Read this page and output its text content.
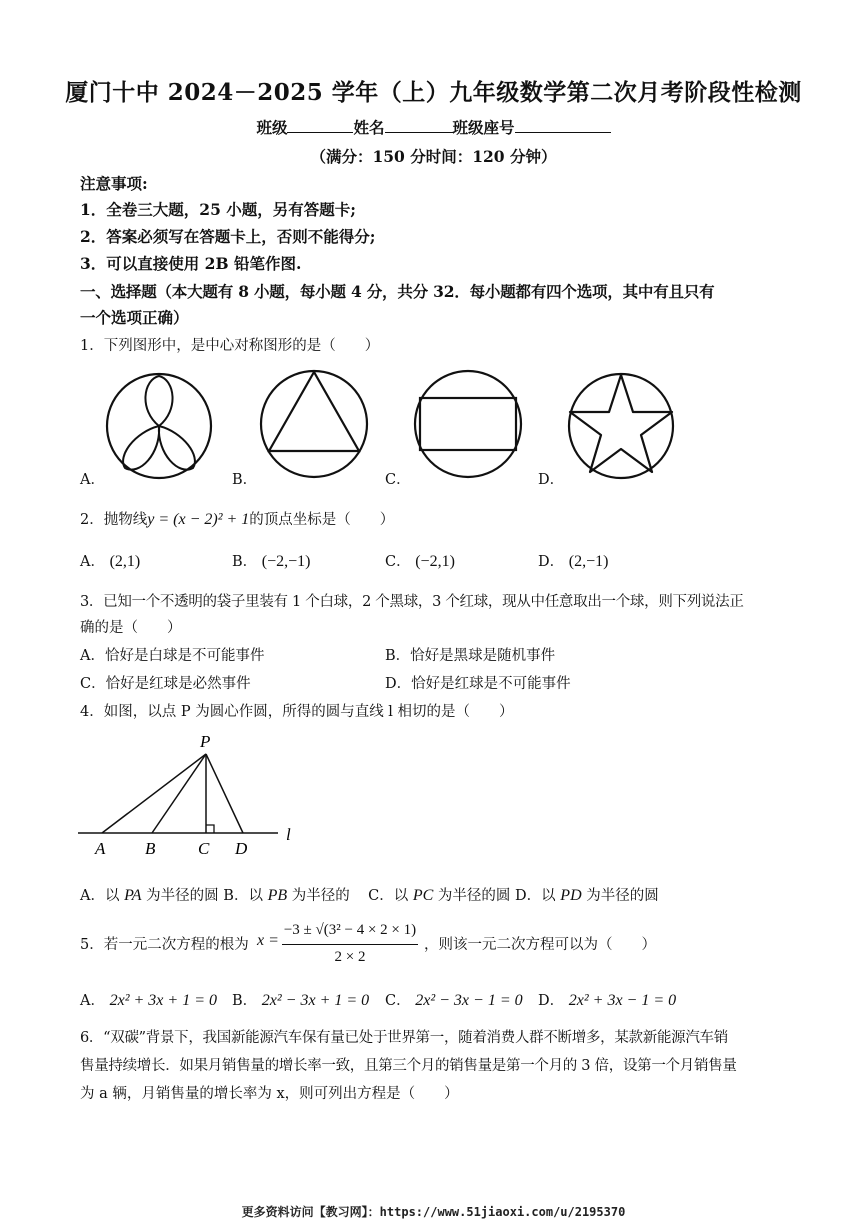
厦门十中 2024－2025 学年（上）九年级数学第二次月考阶段性检测
班级	姓名	班级座号
（满分：150 分时间：120 分钟）
注意事项:
1．全卷三大题，25 小题，另有答题卡;
2．答案必须写在答题卡上，否则不能得分;
3．可以直接使用 2B 铅笔作图.
一、选择题（本大题有 8 小题，每小题 4 分，共分 32．每小题都有四个选项，其中有且只有
一个选项正确）
1．下列图形中，是中心对称图形的是（　　）
A．	B．	C．	D．
2．抛物线y = (x − 2)² + 1的顶点坐标是（　　）
A． (2,1)	B． (−2,−1)	C． (−2,1)	D． (2,−1)
3．已知一个不透明的袋子里装有 1 个白球，2 个黑球，3 个红球，现从中任意取出一个球，则下列说法正
确的是（　　）
A．恰好是白球是不可能事件	B．恰好是黑球是随机事件
C．恰好是红球是必然事件	D．恰好是红球是不可能事件
4．如图，以点 P 为圆心作圆，所得的圆与直线 l 相切的是（　　）
P
A B	C D
l
A．以 PA 为半径的圆 B．以 PB 为半径的 C．以 PC 为半径的圆 D．以 PD 为半径的圆
5．若一元二次方程的根为 x =
−3 ± √(3² − 4 × 2 × 1)
2 × 2
，则该一元二次方程可以为（　　）
A． 2x² + 3x + 1 = 0 B． 2x² − 3x + 1 = 0 C． 2x² − 3x − 1 = 0 D． 2x² + 3x − 1 = 0
6．“双碳”背景下，我国新能源汽车保有量已处于世界第一，随着消费人群不断增多，某款新能源汽车销
售量持续增长．如果月销售量的增长率一致，且第三个月的销售量是第一个月的 3 倍，设第一个月销售量
为 a 辆，月销售量的增长率为 x，则可列出方程是（　　）
更多资料访问【教习网】：https://www.51jiaoxi.com/u/2195370
